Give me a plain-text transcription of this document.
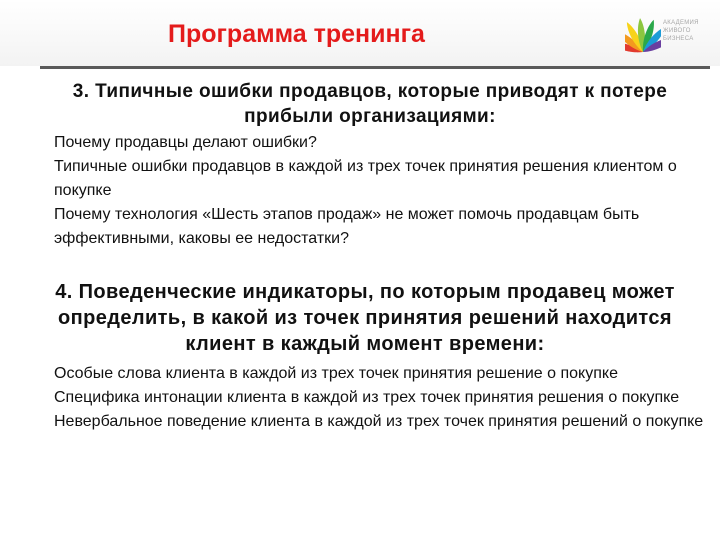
Программа тренинга	АКАДЕМИЯ
ЖИВОГО
БИЗНЕСА
3. Типичные ошибки продавцов, которые приводят к потере прибыли организациями:
Почему продавцы делают ошибки?
Типичные ошибки продавцов в каждой из трех точек принятия решения клиентом о покупке
Почему технология «Шесть этапов продаж» не может помочь продавцам быть эффективными, каковы ее недостатки?
4. Поведенческие индикаторы, по которым продавец может определить, в какой из точек принятия решений находится клиент в каждый момент времени:
Особые слова клиента в каждой из трех точек принятия решение о покупке
Специфика интонации клиента в каждой из трех точек принятия решения о покупке
Невербальное поведение клиента в каждой из трех точек принятия решений о покупке
